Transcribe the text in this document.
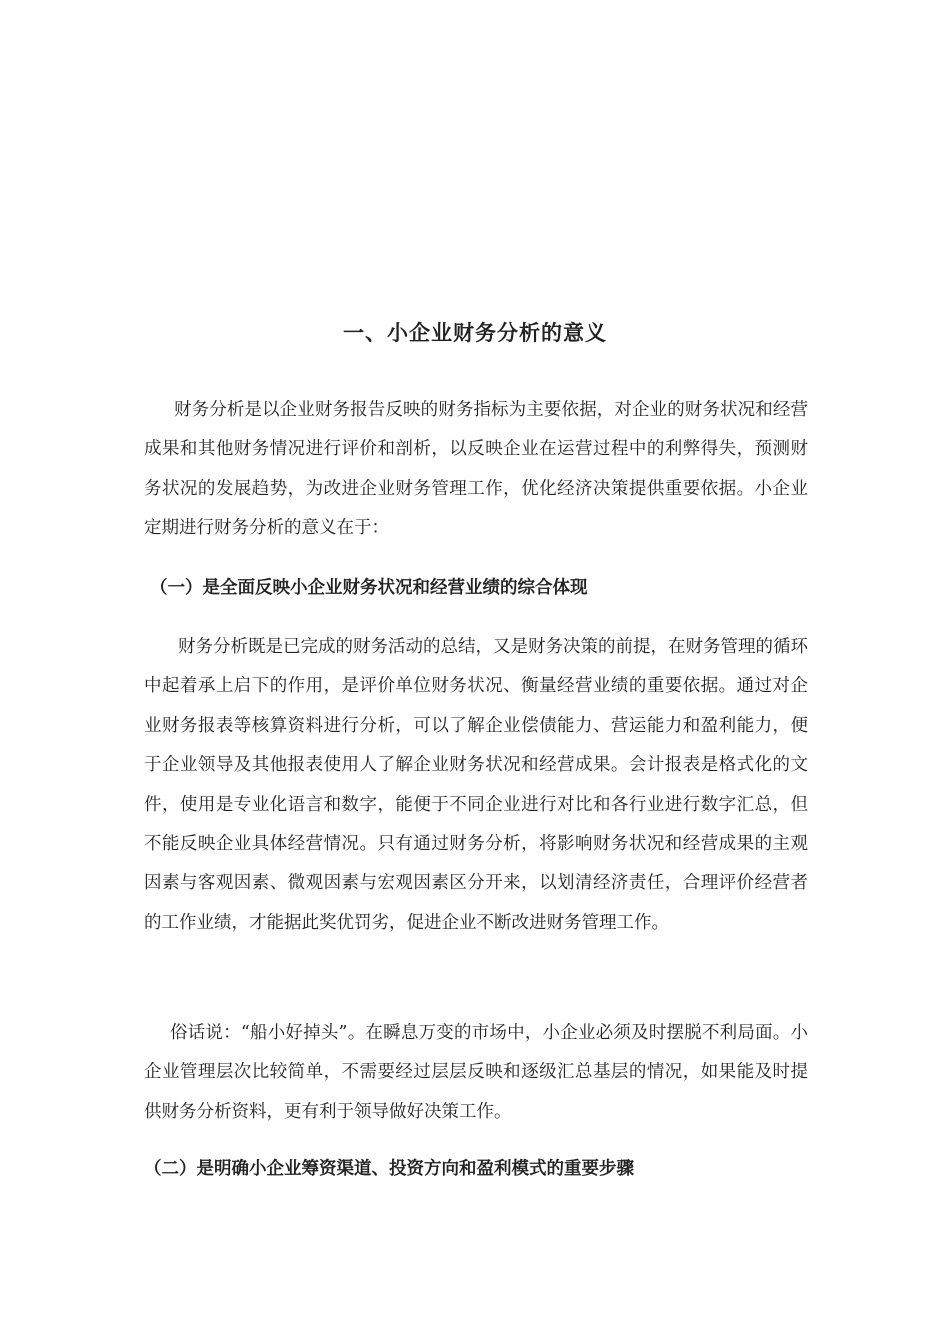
一、小企业财务分析的意义

财务分析是以企业财务报告反映的财务指标为主要依据，对企业的财务状况和经营成果和其他财务情况进行评价和剖析，以反映企业在运营过程中的利弊得失，预测财务状况的发展趋势，为改进企业财务管理工作，优化经济决策提供重要依据。小企业定期进行财务分析的意义在于：

（一）是全面反映小企业财务状况和经营业绩的综合体现

财务分析既是已完成的财务活动的总结，又是财务决策的前提，在财务管理的循环中起着承上启下的作用，是评价单位财务状况、衡量经营业绩的重要依据。通过对企业财务报表等核算资料进行分析，可以了解企业偿债能力、营运能力和盈利能力，便于企业领导及其他报表使用人了解企业财务状况和经营成果。会计报表是格式化的文件，使用是专业化语言和数字，能便于不同企业进行对比和各行业进行数字汇总，但不能反映企业具体经营情况。只有通过财务分析，将影响财务状况和经营成果的主观因素与客观因素、微观因素与宏观因素区分开来，以划清经济责任，合理评价经营者的工作业绩，才能据此奖优罚劣，促进企业不断改进财务管理工作。

俗话说：“船小好掉头”。在瞬息万变的市场中，小企业必须及时摆脱不利局面。小企业管理层次比较简单，不需要经过层层反映和逐级汇总基层的情况，如果能及时提供财务分析资料，更有利于领导做好决策工作。

（二）是明确小企业筹资渠道、投资方向和盈利模式的重要步骤
